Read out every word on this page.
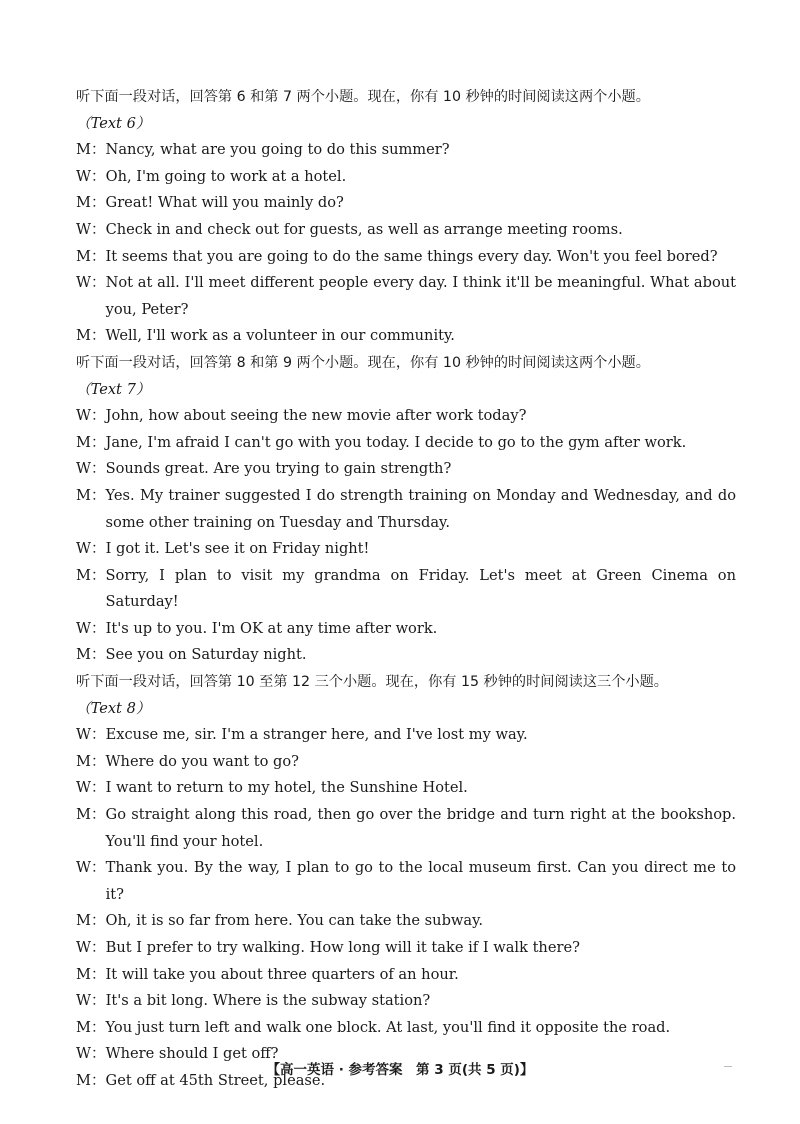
听下面一段对话，回答第 6 和第 7 两个小题。现在，你有 10 秒钟的时间阅读这两个小题。
（Text 6）
M： Nancy, what are you going to do this summer?
W： Oh, I'm going to work at a hotel.
M： Great! What will you mainly do?
W： Check in and check out for guests, as well as arrange meeting rooms.
M： It seems that you are going to do the same things every day. Won't you feel bored?
W： Not at all. I'll meet different people every day. I think it'll be meaningful. What about you, Peter?
M： Well, I'll work as a volunteer in our community.
听下面一段对话，回答第 8 和第 9 两个小题。现在，你有 10 秒钟的时间阅读这两个小题。
（Text 7）
W： John, how about seeing the new movie after work today?
M： Jane, I'm afraid I can't go with you today. I decide to go to the gym after work.
W： Sounds great. Are you trying to gain strength?
M： Yes. My trainer suggested I do strength training on Monday and Wednesday, and do some other training on Tuesday and Thursday.
W： I got it. Let's see it on Friday night!
M： Sorry, I plan to visit my grandma on Friday. Let's meet at Green Cinema on Saturday!
W： It's up to you. I'm OK at any time after work.
M： See you on Saturday night.
听下面一段对话，回答第 10 至第 12 三个小题。现在，你有 15 秒钟的时间阅读这三个小题。
（Text 8）
W： Excuse me, sir. I'm a stranger here, and I've lost my way.
M： Where do you want to go?
W： I want to return to my hotel, the Sunshine Hotel.
M： Go straight along this road, then go over the bridge and turn right at the bookshop. You'll find your hotel.
W： Thank you. By the way, I plan to go to the local museum first. Can you direct me to it?
M： Oh, it is so far from here. You can take the subway.
W： But I prefer to try walking. How long will it take if I walk there?
M： It will take you about three quarters of an hour.
W： It's a bit long. Where is the subway station?
M： You just turn left and walk one block. At last, you'll find it opposite the road.
W： Where should I get off?
M： Get off at 45th Street, please.
【高一英语 · 参考答案　第 3 页(共 5 页)】
